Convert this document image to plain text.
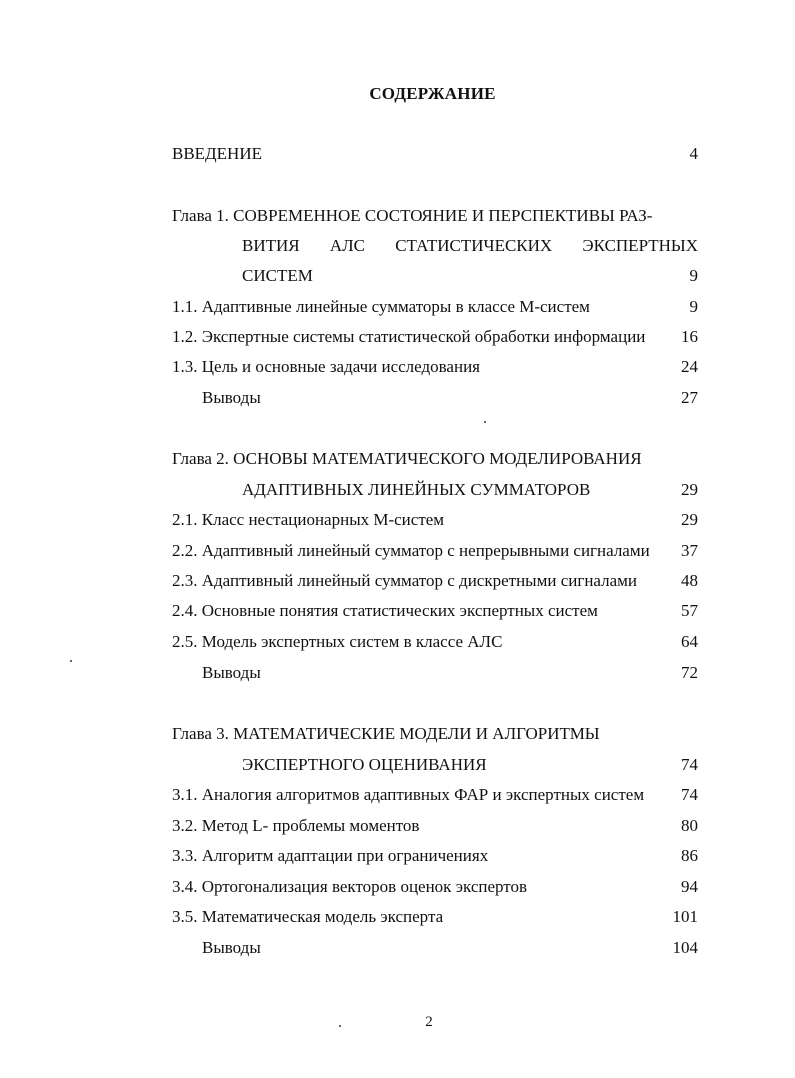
СОДЕРЖАНИЕ
ВВЕДЕНИЕ	4
Глава 1. СОВРЕМЕННОЕ СОСТОЯНИЕ И ПЕРСПЕКТИВЫ РАЗ-
ВИТИЯ АЛС СТАТИСТИЧЕСКИХ ЭКСПЕРТНЫХ
СИСТЕМ	9
1.1. Адаптивные линейные сумматоры в классе М-систем	9
1.2. Экспертные системы статистической обработки информации 16
1.3. Цель и основные задачи исследования	24
Выводы	27
Глава 2. ОСНОВЫ МАТЕМАТИЧЕСКОГО МОДЕЛИРОВАНИЯ
АДАПТИВНЫХ ЛИНЕЙНЫХ СУММАТОРОВ	29
2.1. Класс нестационарных М-систем	29
2.2. Адаптивный линейный сумматор с непрерывными сигналами 37
2.3. Адаптивный линейный сумматор с дискретными сигналами	48
2.4. Основные понятия статистических экспертных систем	57
2.5. Модель экспертных систем в классе АЛС	64
Выводы	72
Глава 3. МАТЕМАТИЧЕСКИЕ МОДЕЛИ И АЛГОРИТМЫ
ЭКСПЕРТНОГО ОЦЕНИВАНИЯ	74
3.1. Аналогия алгоритмов адаптивных ФАР и экспертных систем 74
3.2. Метод L- проблемы моментов	80
3.3. Алгоритм адаптации при ограничениях	86
3.4. Ортогонализация векторов оценок экспертов	94
3.5. Математическая модель эксперта	101
Выводы	104
2
